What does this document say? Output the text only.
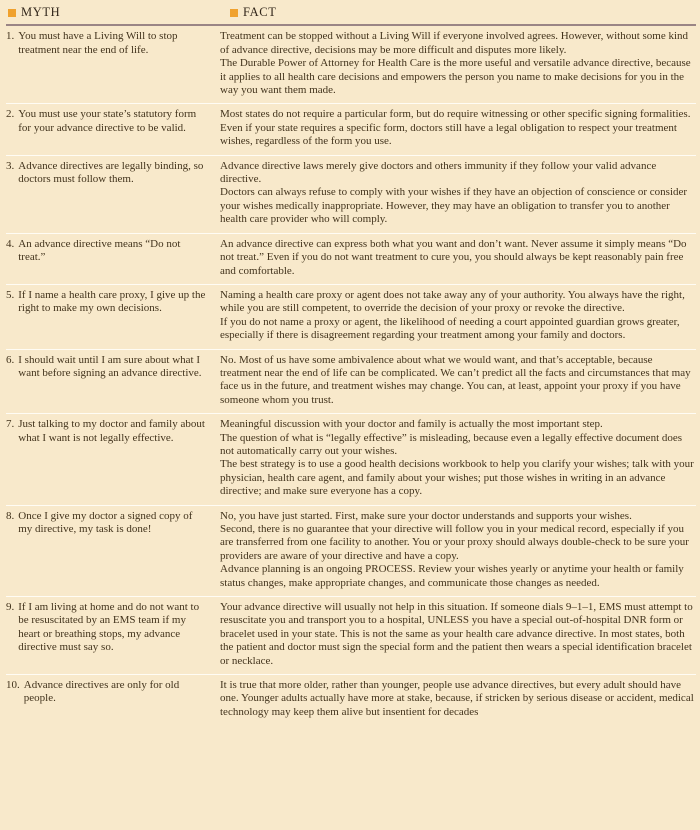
MYTH	FACT
1. You must have a Living Will to stop treatment near the end of life.

Treatment can be stopped without a Living Will if everyone involved agrees. However, without some kind of advance directive, decisions may be more difficult and disputes more likely.

The Durable Power of Attorney for Health Care is the more useful and versatile advance directive, because it applies to all health care decisions and empowers the person you name to make decisions for you in the way you want them made.

2. You must use your state’s statutory form for your advance directive to be valid.

Most states do not require a particular form, but do require witnessing or other specific signing formalities.

Even if your state requires a specific form, doctors still have a legal obligation to respect your treatment wishes, regardless of the form you use.

3. Advance directives are legally binding, so doctors must follow them.

Advance directive laws merely give doctors and others immunity if they follow your valid advance directive.

Doctors can always refuse to comply with your wishes if they have an objection of conscience or consider your wishes medically inappropriate. However, they may have an obligation to transfer you to another health care provider who will comply.

4. An advance directive means “Do not treat.”

An advance directive can express both what you want and don’t want. Never assume it simply means “Do not treat.” Even if you do not want treatment to cure you, you should always be kept reasonably pain free and comfortable.

5. If I name a health care proxy, I give up the right to make my own decisions.

Naming a health care proxy or agent does not take away any of your authority. You always have the right, while you are still competent, to override the decision of your proxy or revoke the directive.

If you do not name a proxy or agent, the likelihood of needing a court appointed guardian grows greater, especially if there is disagreement regarding your treatment among your family and doctors.

6. I should wait until I am sure about what I want before signing an advance directive.

No. Most of us have some ambivalence about what we would want, and that’s acceptable, because treatment near the end of life can be complicated. We can’t predict all the facts and circumstances that may face us in the future, and treatment wishes may change. You can, at least, appoint your proxy if you have someone whom you trust.

7. Just talking to my doctor and family about what I want is not legally effective.

Meaningful discussion with your doctor and family is actually the most important step.

The question of what is “legally effective” is misleading, because even a legally effective document does not automatically carry out your wishes.

The best strategy is to use a good health decisions workbook to help you clarify your wishes; talk with your physician, health care agent, and family about your wishes; put those wishes in writing in an advance directive; and make sure everyone has a copy.

8. Once I give my doctor a signed copy of my directive, my task is done!

No, you have just started. First, make sure your doctor understands and supports your wishes.

Second, there is no guarantee that your directive will follow you in your medical record, especially if you are transferred from one facility to another. You or your proxy should always double-check to be sure your providers are aware of your directive and have a copy.

Advance planning is an ongoing PROCESS. Review your wishes yearly or anytime your health or family status changes, make appropriate changes, and communicate those changes as needed.

9. If I am living at home and do not want to be resuscitated by an EMS team if my heart or breathing stops, my advance directive must say so.

Your advance directive will usually not help in this situation. If someone dials 9–1–1, EMS must attempt to resuscitate you and transport you to a hospital, UNLESS you have a special out-of-hospital DNR form or bracelet used in your state. This is not the same as your health care advance directive. In most states, both the patient and doctor must sign the special form and the patient then wears a special identification bracelet or necklace.

10. Advance directives are only for old people.

It is true that more older, rather than younger, people use advance directives, but every adult should have one. Younger adults actually have more at stake, because, if stricken by serious disease or accident, medical technology may keep them alive but insentient for decades
